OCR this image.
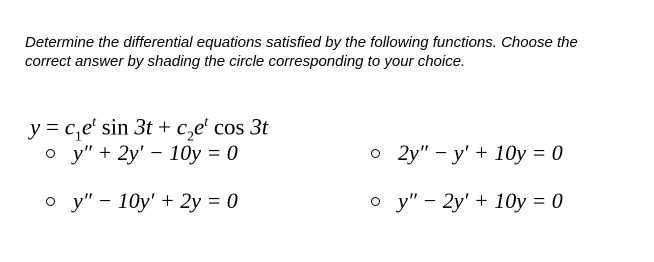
Determine the differential equations satisfied by the following functions. Choose the
correct answer by shading the circle corresponding to your choice.
$y = c_1e^t$ $\sin 3t + c_2e^t$ cos 3t
y″ + 2y′ − 10y = 0	2y″ − y′ + 10y = 0
y″ − 10y′ + 2y = 0	y″ − 2y′ + 10y = 0
